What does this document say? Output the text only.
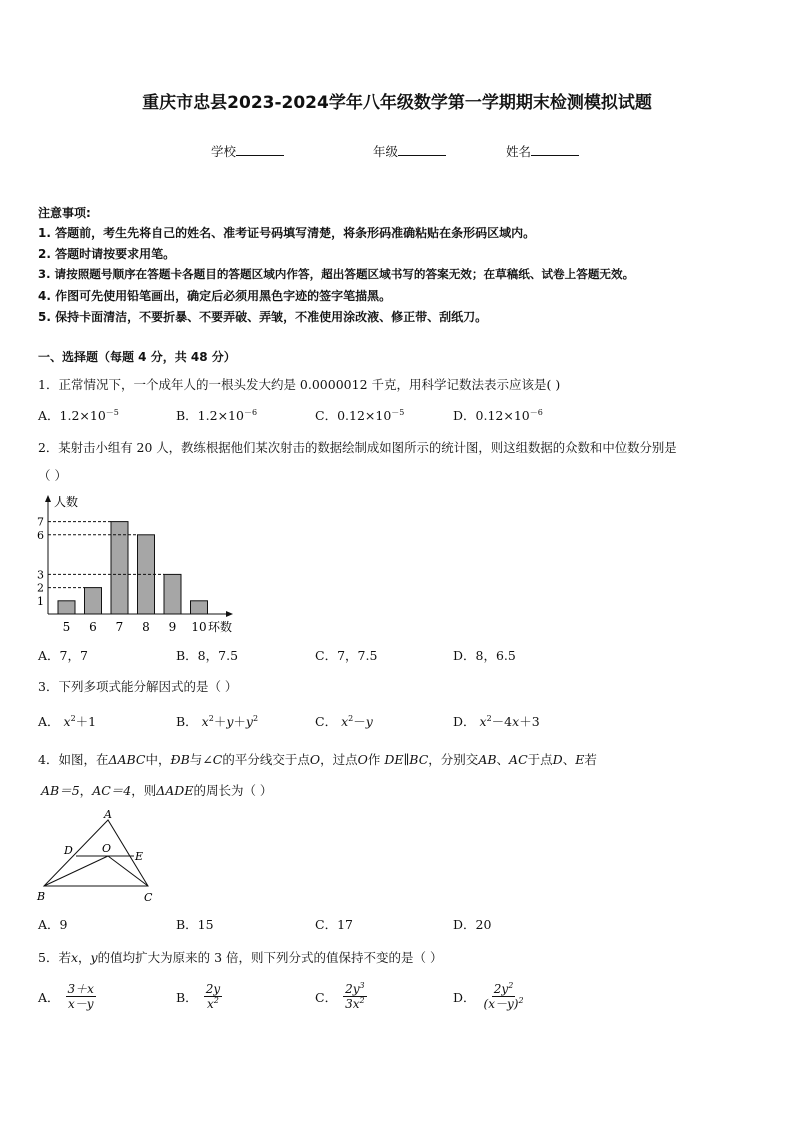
重庆市忠县2023-2024学年八年级数学第一学期期末检测模拟试题
学校	年级	姓名
注意事项:
1. 答题前，考生先将自己的姓名、准考证号码填写清楚，将条形码准确粘贴在条形码区域内。
2. 答题时请按要求用笔。
3. 请按照题号顺序在答题卡各题目的答题区域内作答，超出答题区域书写的答案无效；在草稿纸、试卷上答题无效。
4. 作图可先使用铅笔画出，确定后必须用黑色字迹的签字笔描黑。
5. 保持卡面清洁，不要折暴、不要弄破、弄皱，不准使用涂改液、修正带、刮纸刀。
一、选择题（每题 4 分，共 48 分）
1．正常情况下，一个成年人的一根头发大约是 0.0000012 千克，用科学记数法表示应该是( )
A．$1.2\times 10^{-5}$	B．$1.2\times 10^{-6}$	C．$0.12\times 10^{-5}$	D．$0.12\times 10^{-6}$
2．某射击小组有 20 人，教练根据他们某次射击的数据绘制成如图所示的统计图，则⁠这组数据的众数和中位数分别是
（ ）
人数
5 6 7 8 9 10 环数
1
2
3
6
7
A．7，7	B．8，7.5	C．7，7.5	D．8，6.5
3．下列多项式能分解因式的是（ ）
A． $x^2+1$	B． $x^2+y+y^2$	C． $x^2-y$	D． $x^2-4x+3$
4．如图，在ΔABC中，ÐB与∠C的平分线交于点O，过点O作 DE∥BC，分别交AB、AC于点D、E若
AB＝5，AC＝4，则ΔADE的周长为（ ）
A
D	O
E
B	C
A．9	B．15	C．17	D．20
5．若x，y的值均扩大为原来的 3 倍，则下列分式的值保持不变的是（ ）
A． $\frac{3+x}{x-y}$	B． $\frac{2y}{x^2}$	C． $\frac{2y^3}{3x^2}$	D． $\frac{2y^2}{(x-y)^2}$
